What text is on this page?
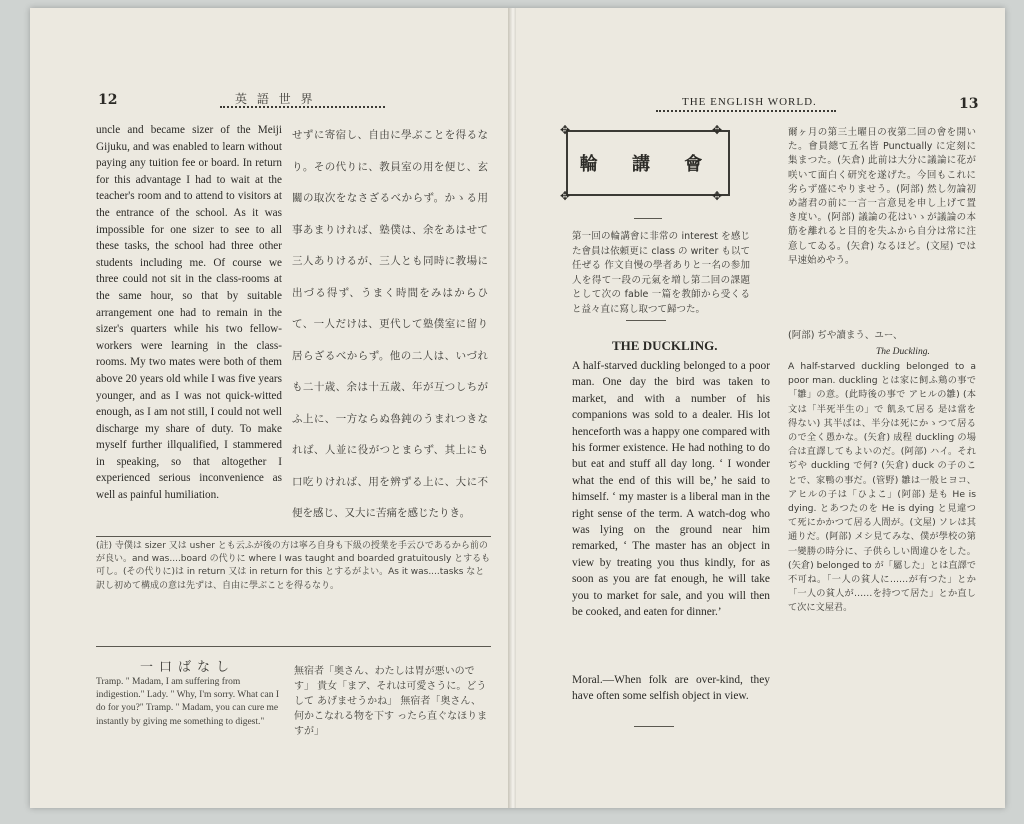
12	英 語 世 界
uncle and became sizer of the Meiji Gijuku, and was enabled to learn without paying any tuition fee or board. In return for this advantage I had to wait at the teacher's room and to attend to visitors at the entrance of the school. As it was impossible for one sizer to see to all these tasks, the school had three other students including me. Of course we three could not sit in the class-rooms at the same hour, so that by suitable arrangement one had to remain in the sizer's quarters while his two fellow-workers were learning in the class-rooms. My two mates were both of them above 20 years old while I was five years younger, and as I was not quick-witted enough, as I am not still, I could not well discharge my share of duty. To make myself further illqualified, I stammered in speaking, so that altogether I experienced serious inconvenience as well as painful humiliation.
せずに寄宿し、自由に學ぶことを得るなり。その代りに、教員室の用を便じ、玄關の取次をなさざるべからず。かゝる用事あまりければ、塾僕は、余をあはせて三人ありけるが、三人とも同時に教場に出づる得ず、うまく時間をみはからひて、一人だけは、更代して塾僕室に留り居らざるべからず。他の二人は、いづれも二十歳、余は十五歳、年が互つしちがふ上に、一方ならぬ魯鈍のうまれつきなれば、人並に役がつとまらず、其上にも口吃りければ、用を辨ずる上に、大に不便を感じ、又大に苦痛を感じたりき。
(註) 寺僕は sizer 又は usher とも云ふが後の方は寧ろ自身も下級の授業を手云ひであるから前のが良い。and was....board の代りに where I was taught and boarded gratuitously とするも可し。(その代りに)は in return 又は in return for this とするがよい。As it was....tasks なと訳し初めて構成の意は先ずは、自由に學ぶことを得るなり。
一口ばなし
Tramp. " Madam, I am suffering from indigestion." Lady. " Why, I'm sorry. What can I do for you?" Tramp. " Madam, you can cure me instantly by giving me something to digest."
無宿者「奥さん、わたしは胃が悪いので す」 貴女「まア、それは可愛さうに。どうして あげませうかね」 無宿者「奥さん、何かこなれる物を下す ったら直ぐなほりますが」
THE ENGLISH WORLD.	13
✥	✥
✥	✥
輪 講 會
第一回の輪講會に非常の interest を感じた會員は依頼更に class の writer も以て任ぜる 作文自慢の學者ありと一名の参加人を得て一段の元氣を増し第二回の課題として次の fable 一篇を教師から受くると益々直に寫し取つて歸つた。
THE DUCKLING.
A half-starved duckling belonged to a poor man. One day the bird was taken to market, and with a number of his companions was sold to a dealer. His lot henceforth was a happy one compared with his former existence. He had nothing to do but eat and stuff all day long. ‘ I wonder what the end of this will be,’ he said to himself. ‘ my master is a liberal man in the right sense of the term. A watch-dog who was lying on the ground near him remarked, ‘ The master has an object in view by treating you thus kindly, for as soon as you are fat enough, he will take you to market for sale, and you will then be cooked, and eaten for dinner.’
Moral.—When folk are over-kind, they have often some selfish object in view.
爾ヶ月の第三土曜日の夜第二回の會を開いた。會員總て五名皆 Punctually に定刻に集まつた。(矢倉) 此前は大分に議論に花が咲いて面白く研究を遂げた。今回もこれに劣らず盛にやりませう。(阿部) 然し勿論初め諸君の前に一言一言意見を申し上げて置き度い。(阿部) 議論の花はいゝが議論の本筋を離れると目的を失ふから自分は常に注意してゐる。(矢倉) なるほど。(文屋) では早速始めやう。
(阿部) ぢや讀まう、ユー、
The Duckling.
A half-starved duckling belonged to a poor man. duckling とは家に飼ふ鶏の事で「雛」の意。(此時後の事で アヒルの雛) (本文は「半死半生の」で 飢ゑて居る 是は當を得ない) 其半ばは、半分は死にかゝつて居るので全く愚かな。(矢倉) 成程 duckling の場合は直譯してもよいのだ。(阿部) ハイ。それぢや duckling で何? (矢倉) duck の子のことで、家鴨の事だ。(管野) 雛は一般ヒヨコ、アヒルの子は「ひよこ」(阿部) 是も He is dying. とあつたのを He is dying と見違つて死にかかつて居る人間が。(文屋) ソレは其通りだ。(阿部) メシ見てみな、僕が學校の第一變勝の時分に、子供らしい間違ひをした。(矢倉) belonged to が「屬した」とは直譯で不可ね。「一人の貧人に……が有つた」とか「一人の貧人が……を持つて居た」とか直して次に文屋君。
